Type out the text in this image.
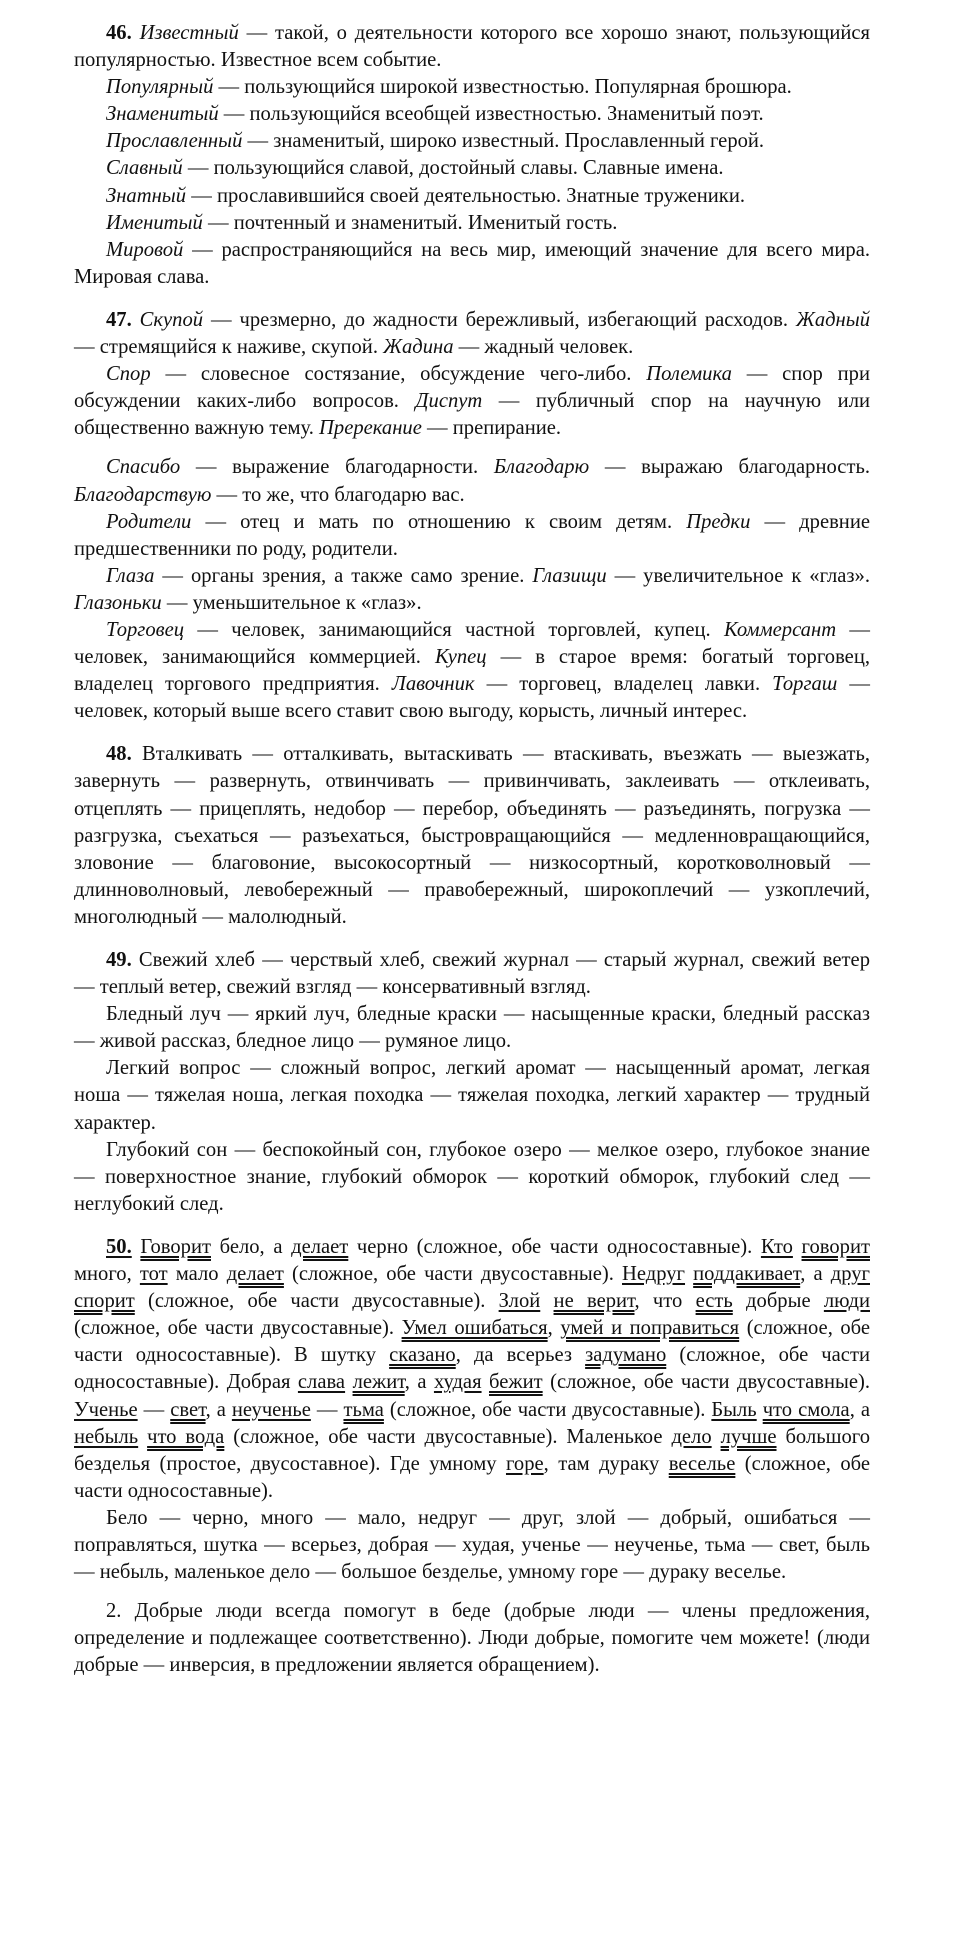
46. Известный — такой, о деятельности которого все хорошо знают, пользующийся популярностью. Известное всем событие.

Популярный — пользующийся широкой известностью. Популярная брошюра.

Знаменитый — пользующийся всеобщей известностью. Знаменитый поэт.

Прославленный — знаменитый, широко известный. Прославленный герой.

Славный — пользующийся славой, достойный славы. Славные имена.

Знатный — прославившийся своей деятельностью. Знатные труженики.

Именитый — почтенный и знаменитый. Именитый гость.

Мировой — распространяющийся на весь мир, имеющий значение для всего мира. Мировая слава.

47. Скупой — чрезмерно, до жадности бережливый, избегающий расходов. Жадный — стремящийся к наживе, скупой. Жадина — жадный человек.

Спор — словесное состязание, обсуждение чего-либо. Полемика — спор при обсуждении каких-либо вопросов. Диспут — публичный спор на научную или общественно важную тему. Пререкание — препирание.

Спасибо — выражение благодарности. Благодарю — выражаю благодарность. Благодарствую — то же, что благодарю вас.

Родители — отец и мать по отношению к своим детям. Предки — древние предшественники по роду, родители.

Глаза — органы зрения, а также само зрение. Глазищи — увеличительное к «глаз». Глазоньки — уменьшительное к «глаз».

Торговец — человек, занимающийся частной торговлей, купец. Коммерсант — человек, занимающийся коммерцией. Купец — в старое время: богатый торговец, владелец торгового предприятия. Лавочник — торговец, владелец лавки. Торгаш — человек, который выше всего ставит свою выгоду, корысть, личный интерес.

48. Вталкивать — отталкивать, вытаскивать — втаскивать, въезжать — выезжать, завернуть — развернуть, отвинчивать — привинчивать, заклеивать — отклеивать, отцеплять — прицеплять, недобор — перебор, объединять — разъединять, погрузка — разгрузка, съехаться — разъехаться, быстровращающийся — медленновращающийся, зловоние — благовоние, высокосортный — низкосортный, коротковолновый — длинноволновый, левобережный — правобережный, широкоплечий — узкоплечий, многолюдный — малолюдный.

49. Свежий хлеб — черствый хлеб, свежий журнал — старый журнал, свежий ветер — теплый ветер, свежий взгляд — консервативный взгляд.

Бледный луч — яркий луч, бледные краски — насыщенные краски, бледный рассказ — живой рассказ, бледное лицо — румяное лицо.

Легкий вопрос — сложный вопрос, легкий аромат — насыщенный аромат, легкая ноша — тяжелая ноша, легкая походка — тяжелая походка, легкий характер — трудный характер.

Глубокий сон — беспокойный сон, глубокое озеро — мелкое озеро, глубокое знание — поверхностное знание, глубокий обморок — короткий обморок, глубокий след — неглубокий след.

50. Говорит бело, а делает черно (сложное, обе части односоставные). Кто говорит много, тот мало делает (сложное, обе части двусоставные). Недруг поддакивает, а друг спорит (сложное, обе части двусоставные). Злой не верит, что есть добрые люди (сложное, обе части двусоставные). Умел ошибаться, умей и поправиться (сложное, обе части односоставные). В шутку сказано, да всерьез задумано (сложное, обе части односоставные). Добрая слава лежит, а худая бежит (сложное, обе части двусоставные). Ученье — свет, а неученье — тьма (сложное, обе части двусоставные). Быль что смола, а небыль что вода (сложное, обе части двусоставные). Маленькое дело лучше большого безделья (простое, двусоставное). Где умному горе, там дураку веселье (сложное, обе части односоставные).

Бело — черно, много — мало, недруг — друг, злой — добрый, ошибаться — поправляться, шутка — всерьез, добрая — худая, ученье — неученье, тьма — свет, быль — небыль, маленькое дело — большое безделье, умному горе — дураку веселье.

2. Добрые люди всегда помогут в беде (добрые люди — члены предложения, определение и подлежащее соответственно). Люди добрые, помогите чем можете! (люди добрые — инверсия, в предложении является обращением).
